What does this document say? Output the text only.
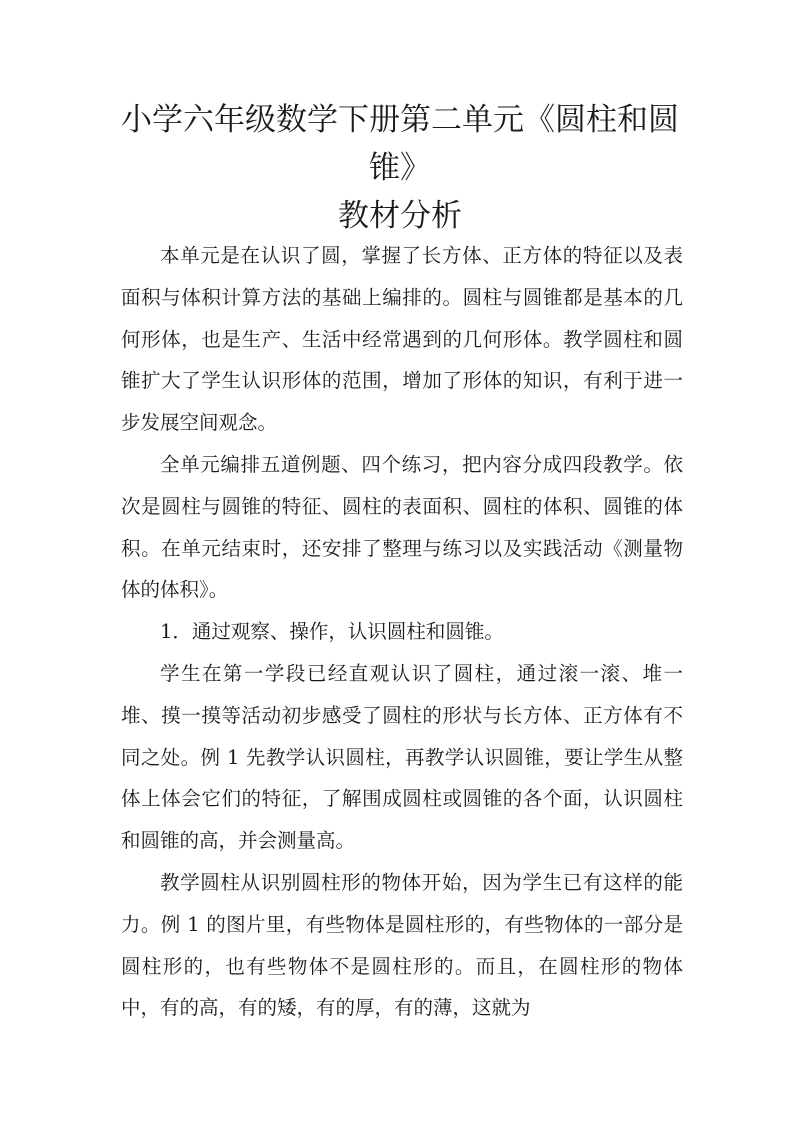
小学六年级数学下册第二单元《圆柱和圆锥》
教材分析

本单元是在认识了圆，掌握了长方体、正方体的特征以及表面积与体积计算方法的基础上编排的。圆柱与圆锥都是基本的几何形体，也是生产、生活中经常遇到的几何形体。教学圆柱和圆锥扩大了学生认识形体的范围，增加了形体的知识，有利于进一步发展空间观念。

全单元编排五道例题、四个练习，把内容分成四段教学。依次是圆柱与圆锥的特征、圆柱的表面积、圆柱的体积、圆锥的体积。在单元结束时，还安排了整理与练习以及实践活动《测量物体的体积》。

1．通过观察、操作，认识圆柱和圆锥。

学生在第一学段已经直观认识了圆柱，通过滚一滚、堆一堆、摸一摸等活动初步感受了圆柱的形状与长方体、正方体有不同之处。例 1 先教学认识圆柱，再教学认识圆锥，要让学生从整体上体会它们的特征，了解围成圆柱或圆锥的各个面，认识圆柱和圆锥的高，并会测量高。

教学圆柱从识别圆柱形的物体开始，因为学生已有这样的能力。例 1 的图片里，有些物体是圆柱形的，有些物体的一部分是圆柱形的，也有些物体不是圆柱形的。而且，在圆柱形的物体中，有的高，有的矮，有的厚，有的薄，这就为
